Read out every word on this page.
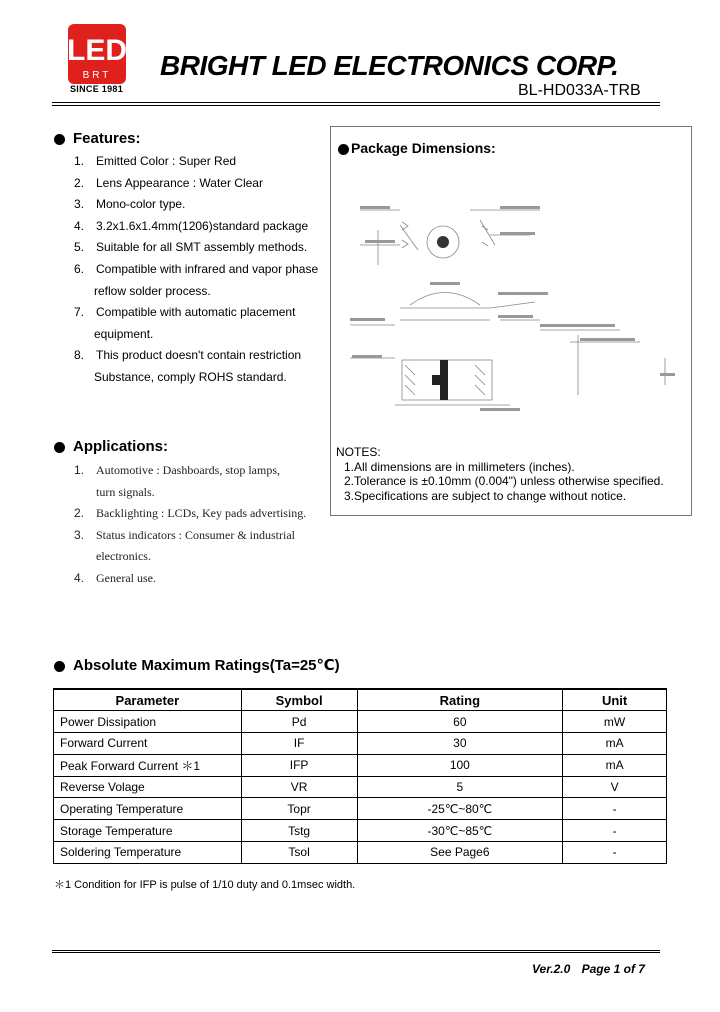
LED
BRT
SINCE 1981
BRIGHT LED ELECTRONICS CORP.
BL-HD033A-TRB
Features:
1. Emitted Color : Super Red
2. Lens Appearance : Water Clear
3. Mono-color type.
4. 3.2x1.6x1.4mm(1206)standard package
5. Suitable for all SMT assembly methods.
6. Compatible with infrared and vapor phase
reflow solder process.
7. Compatible with automatic placement
equipment.
8. This product doesn't contain restriction
Substance, comply ROHS standard.
Applications:
1. Automotive : Dashboards, stop lamps,
turn signals.
2. Backlighting : LCDs, Key pads advertising.
3. Status indicators : Consumer & industrial
electronics.
4. General use.
Package Dimensions:
NOTES:
1.All dimensions are in millimeters (inches).
2.Tolerance is ±0.10mm (0.004") unless otherwise specified.
3.Specifications are subject to change without notice.
Absolute Maximum Ratings(Ta=25℃)
Parameter	Symbol	Rating	Unit
Power Dissipation	Pd	60	mW
Forward Current	IF	30	mA
Peak Forward Current ＊1	IFP	100	mA
Reverse Volage	VR	5	V
Operating Temperature	Topr	-25℃~80℃	-
Storage Temperature	Tstg	-30℃~85℃	-
Soldering Temperature	Tsol	See Page6	-
＊1 Condition for IFP is pulse of 1/10 duty and 0.1msec width.
Ver.2.0 Page 1 of 7
